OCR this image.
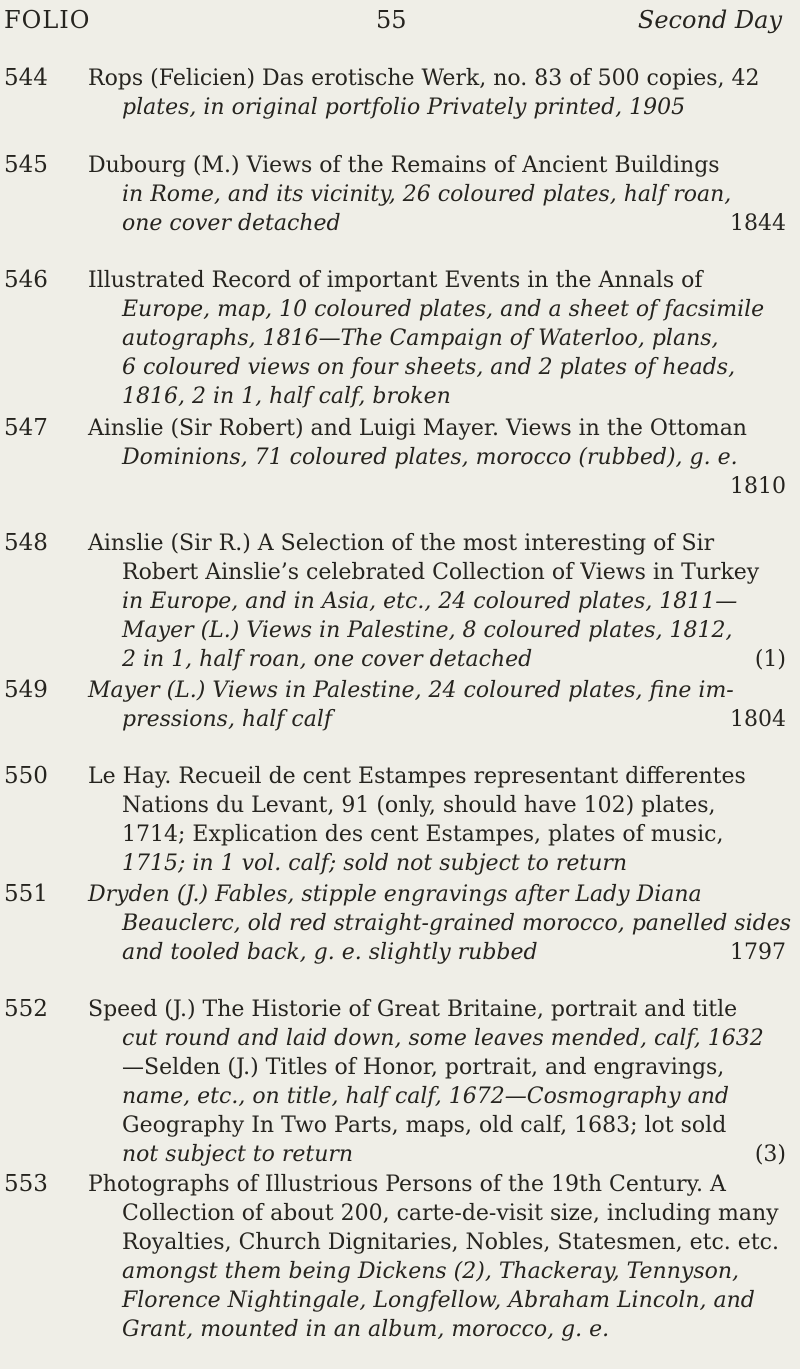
FOLIO	55	Second Day
544 Rops (Felicien) Das erotische Werk, no. 83 of 500 copies, 42
plates, in original portfolio Privately printed, 1905
545 Dubourg (M.) Views of the Remains of Ancient Buildings
in Rome, and its vicinity, 26 coloured plates, half roan,
one cover detached	1844
546 Illustrated Record of important Events in the Annals of
Europe, map, 10 coloured plates, and a sheet of facsimile
autographs, 1816—The Campaign of Waterloo, plans,
6 coloured views on four sheets, and 2 plates of heads,
1816, 2 in 1, half calf, broken
547 Ainslie (Sir Robert) and Luigi Mayer. Views in the Ottoman
Dominions, 71 coloured plates, morocco (rubbed), g. e.
1810
548 Ainslie (Sir R.) A Selection of the most interesting of Sir
Robert Ainslie’s celebrated Collection of Views in Turkey
in Europe, and in Asia, etc., 24 coloured plates, 1811—
Mayer (L.) Views in Palestine, 8 coloured plates, 1812,
2 in 1, half roan, one cover detached	(1)
549 Mayer (L.) Views in Palestine, 24 coloured plates, fine im-
pressions, half calf	1804
550 Le Hay. Recueil de cent Estampes representant differentes
Nations du Levant, 91 (only, should have 102) plates,
1714; Explication des cent Estampes, plates of music,
1715; in 1 vol. calf; sold not subject to return
551 Dryden (J.) Fables, stipple engravings after Lady Diana
Beauclerc, old red straight-grained morocco, panelled sides
and tooled back, g. e. slightly rubbed	1797
552 Speed (J.) The Historie of Great Britaine, portrait and title
cut round and laid down, some leaves mended, calf, 1632
—Selden (J.) Titles of Honor, portrait, and engravings,
name, etc., on title, half calf, 1672—Cosmography and
Geography In Two Parts, maps, old calf, 1683; lot sold
not subject to return	(3)
553 Photographs of Illustrious Persons of the 19th Century. A
Collection of about 200, carte-de-visit size, including many
Royalties, Church Dignitaries, Nobles, Statesmen, etc. etc.
amongst them being Dickens (2), Thackeray, Tennyson,
Florence Nightingale, Longfellow, Abraham Lincoln, and
Grant, mounted in an album, morocco, g. e.
